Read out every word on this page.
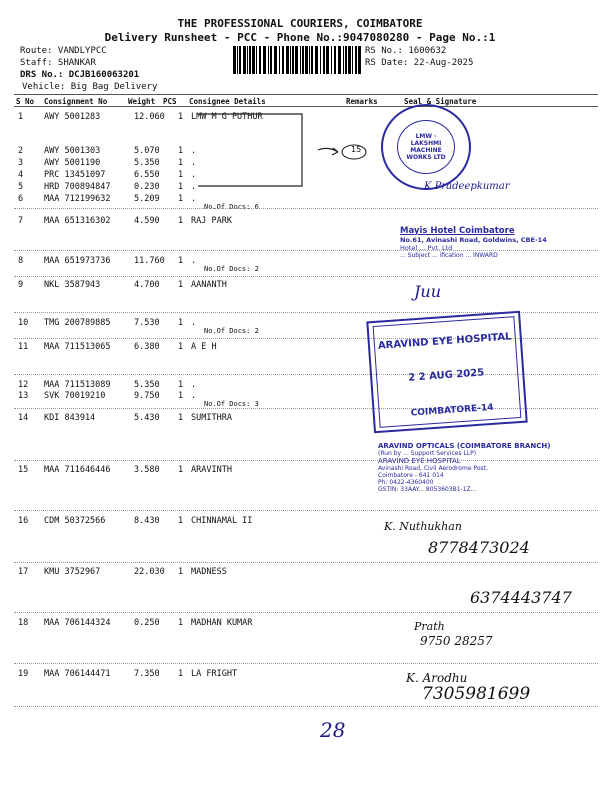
THE PROFESSIONAL COURIERS, COIMBATORE
Delivery Runsheet - PCC - Phone No.:9047080280 - Page No.:1
Route: VANDLYPCC
Staff: SHANKAR
DRS No.: DCJB160063201
Vehicle: Big Bag Delivery
RS No.: 1600632
RS Date: 22-Aug-2025
S No Consignment No	Weight PCS Consignee Details	Remarks	Seal & Signature
1 AWY 5001283	12.060 1 LMW M G PUTHUR
2 AWY 5001303	5.070 1 .
3 AWY 5001190	5.350 1 .
4 PRC 13451097	6.550 1 .
5 HRD 700894847	0.230 1 .
6 MAA 712199632	5.209 1 .
No.Of Docs: 6
7 MAA 651316302	4.590 1 RAJ PARK
8 MAA 651973736	11.760 1 .
No.Of Docs: 2
9 NKL 3587943	4.700 1 AANANTH
10 TMG 200789885	7.530 1 .
No.Of Docs: 2
11 MAA 711513065	6.380 1 A E H
12 MAA 711513089	5.350 1 .
13 SVK 70019210	9.750 1 .
No.Of Docs: 3
14 KDI 843914	5.430 1 SUMITHRA
15 MAA 711646446	3.580 1 ARAVINTH
16 CDM 50372566	8.430 1 CHINNAMAL II
17 KMU 3752967	22.030 1 MADNESS
18 MAA 706144324	0.250 1 MADHAN KUMAR
19 MAA 706144471	7.350 1 LA FRIGHT
15
LMW · LAKSHMI MACHINE WORKS LTD
K Pradeepkumar
Mayis Hotel Coimbatore
No.61, Avinashi Road, Goldwins, CBE-14
Hotel ... Pvt. Ltd
... Subject ... ification ... INWARD
Juu
ARAVIND EYE HOSPITAL
2 2 AUG 2025
COIMBATORE-14
ARAVIND OPTICALS (COIMBATORE BRANCH)
(Run by ... Support Services LLP)
ARAVIND EYE HOSPITAL
Avinashi Road, Civil Aerodrome Post,
Coimbatore - 641 014
Ph: 0422-4360400
GSTIN: 33AAY... 8053603B1-1Z...
K. Nuthukhan
8778473024
6374443747
Prath
9750 28257
K. Arodhu
7305981699
28
